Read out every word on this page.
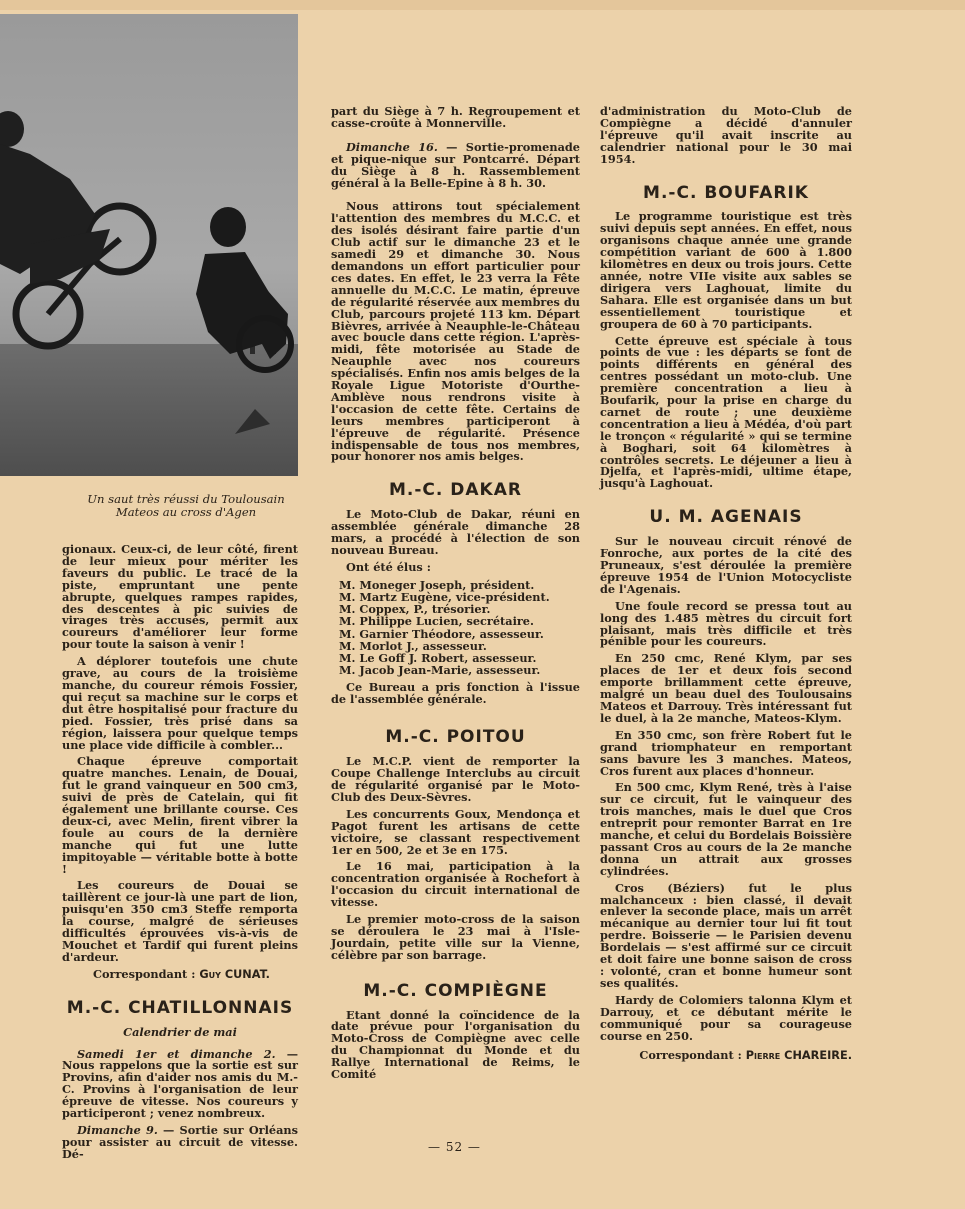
Un saut très réussi du Toulousain Mateos au cross d'Agen

gionaux. Ceux-ci, de leur côté, firent de leur mieux pour mériter les faveurs du public. Le tracé de la piste, empruntant une pente abrupte, quelques rampes rapides, des descentes à pic suivies de virages très accusés, permit aux coureurs d'améliorer leur forme pour toute la saison à venir !

A déplorer toutefois une chute grave, au cours de la troisième manche, du coureur rémois Fossier, qui reçut sa machine sur le corps et dut être hospitalisé pour fracture du pied. Fossier, très prisé dans sa région, laissera pour quelque temps une place vide difficile à combler...

Chaque épreuve comportait quatre manches. Lenain, de Douai, fut le grand vainqueur en 500 cm3, suivi de près de Catelain, qui fit également une brillante course. Ces deux-ci, avec Melin, firent vibrer la foule au cours de la dernière manche qui fut une lutte impitoyable — véritable botte à botte !

Les coureurs de Douai se taillèrent ce jour-là une part de lion, puisqu'en 350 cm3 Steffe remporta la course, malgré de sérieuses difficultés éprouvées vis-à-vis de Mouchet et Tardif qui furent pleins d'ardeur.

Correspondant : Guy CUNAT.

M.-C. CHATILLONNAIS
Calendrier de mai

Samedi 1er et dimanche 2. — Nous rappelons que la sortie est sur Provins, afin d'aider nos amis du M.-C. Provins à l'organisation de leur épreuve de vitesse. Nos coureurs y participeront ; venez nombreux.

Dimanche 9. — Sortie sur Orléans pour assister au circuit de vitesse. Dé-

part du Siège à 7 h. Regroupement et casse-croûte à Monnerville.

Dimanche 16. — Sortie-promenade et pique-nique sur Pontcarré. Départ du Siège à 8 h. Rassemblement général à la Belle-Epine à 8 h. 30.

Nous attirons tout spécialement l'attention des membres du M.C.C. et des isolés désirant faire partie d'un Club actif sur le dimanche 23 et le samedi 29 et dimanche 30. Nous demandons un effort particulier pour ces dates. En effet, le 23 verra la Fête annuelle du M.C.C. Le matin, épreuve de régularité réservée aux membres du Club, parcours projeté 113 km. Départ Bièvres, arrivée à Neauphle-le-Château avec boucle dans cette région. L'après-midi, fête motorisée au Stade de Neauphle avec nos coureurs spécialisés. Enfin nos amis belges de la Royale Ligue Motoriste d'Ourthe-Amblève nous rendrons visite à l'occasion de cette fête. Certains de leurs membres participeront à l'épreuve de régularité. Présence indispensable de tous nos membres, pour honorer nos amis belges.

M.-C. DAKAR

Le Moto-Club de Dakar, réuni en assemblée générale dimanche 28 mars, a procédé à l'élection de son nouveau Bureau.

Ont été élus :

M. Moneger Joseph, président.
M. Martz Eugène, vice-président.
M. Coppex, P., trésorier.
M. Philippe Lucien, secrétaire.
M. Garnier Théodore, assesseur.
M. Morlot J., assesseur.
M. Le Goff J. Robert, assesseur.
M. Jacob Jean-Marie, assesseur.

Ce Bureau a pris fonction à l'issue de l'assemblée générale.

M.-C. POITOU

Le M.C.P. vient de remporter la Coupe Challenge Interclubs au circuit de régularité organisé par le Moto-Club des Deux-Sèvres.

Les concurrents Goux, Mendonça et Pagot furent les artisans de cette victoire, se classant respectivement 1er en 500, 2e et 3e en 175.

Le 16 mai, participation à la concentration organisée à Rochefort à l'occasion du circuit international de vitesse.

Le premier moto-cross de la saison se déroulera le 23 mai à l'Isle-Jourdain, petite ville sur la Vienne, célèbre par son barrage.

M.-C. COMPIÈGNE

Etant donné la coïncidence de la date prévue pour l'organisation du Moto-Cross de Compiègne avec celle du Championnat du Monde et du Rallye International de Reims, le Comité

d'administration du Moto-Club de Compiègne a décidé d'annuler l'épreuve qu'il avait inscrite au calendrier national pour le 30 mai 1954.

M.-C. BOUFARIK

Le programme touristique est très suivi depuis sept années. En effet, nous organisons chaque année une grande compétition variant de 600 à 1.800 kilomètres en deux ou trois jours. Cette année, notre VIIe visite aux sables se dirigera vers Laghouat, limite du Sahara. Elle est organisée dans un but essentiellement touristique et groupera de 60 à 70 participants.

Cette épreuve est spéciale à tous points de vue : les départs se font de points différents en général des centres possédant un moto-club. Une première concentration a lieu à Boufarik, pour la prise en charge du carnet de route ; une deuxième concentration a lieu à Médéa, d'où part le tronçon « régularité » qui se termine à Boghari, soit 64 kilomètres à contrôles secrets. Le déjeuner a lieu à Djelfa, et l'après-midi, ultime étape, jusqu'à Laghouat.

U. M. AGENAIS

Sur le nouveau circuit rénové de Fonroche, aux portes de la cité des Pruneaux, s'est déroulée la première épreuve 1954 de l'Union Motocycliste de l'Agenais.

Une foule record se pressa tout au long des 1.485 mètres du circuit fort plaisant, mais très difficile et très pénible pour les coureurs.

En 250 cmc, René Klym, par ses places de 1er et deux fois second emporte brillamment cette épreuve, malgré un beau duel des Toulousains Mateos et Darrouy. Très intéressant fut le duel, à la 2e manche, Mateos-Klym.

En 350 cmc, son frère Robert fut le grand triomphateur en remportant sans bavure les 3 manches. Mateos, Cros furent aux places d'honneur.

En 500 cmc, Klym René, très à l'aise sur ce circuit, fut le vainqueur des trois manches, mais le duel que Cros entreprit pour remonter Barrat en 1re manche, et celui du Bordelais Boissière passant Cros au cours de la 2e manche donna un attrait aux grosses cylindrées.

Cros (Béziers) fut le plus malchanceux : bien classé, il devait enlever la seconde place, mais un arrêt mécanique au dernier tour lui fit tout perdre. Boisserie — le Parisien devenu Bordelais — s'est affirmé sur ce circuit et doit faire une bonne saison de cross : volonté, cran et bonne humeur sont ses qualités.

Hardy de Colomiers talonna Klym et Darrouy, et ce débutant mérite le communiqué pour sa courageuse course en 250.

Correspondant : Pierre CHAREIRE.

— 52 —
